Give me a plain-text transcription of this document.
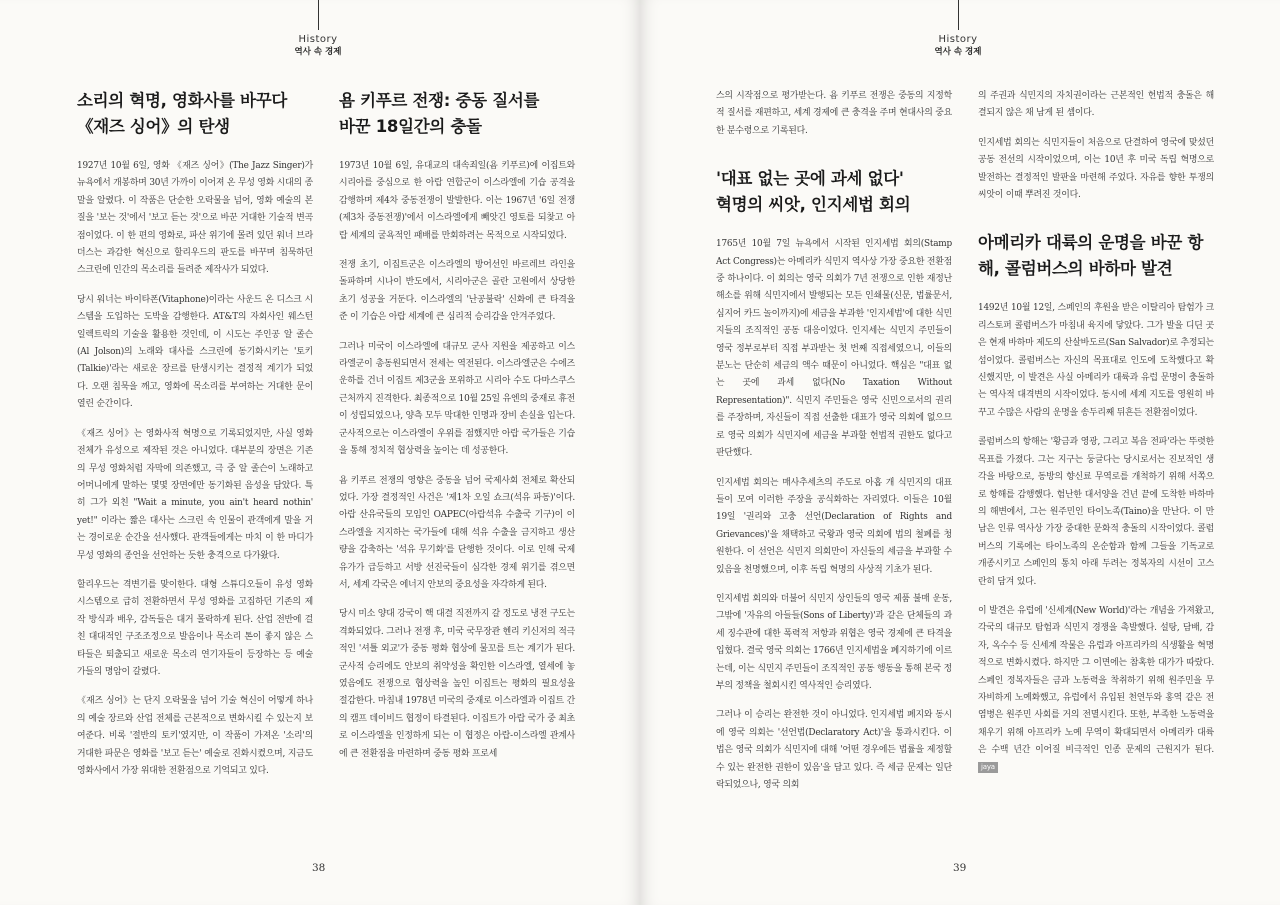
History
역사 속 경제
소리의 혁명, 영화사를 바꾸다
《재즈 싱어》의 탄생

1927년 10월 6일, 영화 《재즈 싱어》(The Jazz Singer)가 뉴욕에서 개봉하며 30년 가까이 이어져 온 무성 영화 시대의 종말을 알렸다. 이 작품은 단순한 오락물을 넘어, 영화 예술의 본질을 '보는 것'에서 '보고 듣는 것'으로 바꾼 거대한 기술적 변곡점이었다. 이 한 편의 영화로, 파산 위기에 몰려 있던 워너 브라더스는 과감한 혁신으로 할리우드의 판도를 바꾸며 침묵하던 스크린에 인간의 목소리를 들려준 제작사가 되었다.

당시 워너는 바이타폰(Vitaphone)이라는 사운드 온 디스크 시스템을 도입하는 도박을 감행한다. AT&T의 자회사인 웨스턴 일렉트릭의 기술을 활용한 것인데, 이 시도는 주인공 알 졸슨(Al Jolson)의 노래와 대사를 스크린에 동기화시키는 '토키(Talkie)'라는 새로운 장르를 탄생시키는 결정적 계기가 되었다. 오랜 침묵을 깨고, 영화에 목소리를 부여하는 거대한 문이 열린 순간이다.

《재즈 싱어》는 영화사적 혁명으로 기록되었지만, 사실 영화 전체가 유성으로 제작된 것은 아니었다. 대부분의 장면은 기존의 무성 영화처럼 자막에 의존했고, 극 중 알 졸슨이 노래하고 어머니에게 말하는 몇몇 장면에만 동기화된 음성을 담았다. 특히 그가 외친 "Wait a minute, you ain't heard nothin' yet!" 이라는 짧은 대사는 스크린 속 인물이 관객에게 말을 거는 경이로운 순간을 선사했다. 관객들에게는 마치 이 한 마디가 무성 영화의 종언을 선언하는 듯한 충격으로 다가왔다.

할리우드는 격변기를 맞이한다. 대형 스튜디오들이 유성 영화 시스템으로 급히 전환하면서 무성 영화를 고집하던 기존의 제작 방식과 배우, 감독들은 대거 몰락하게 된다. 산업 전반에 걸친 대대적인 구조조정으로 발음이나 목소리 톤이 좋지 않은 스타들은 퇴출되고 새로운 목소리 연기자들이 등장하는 등 예술가들의 명암이 갈렸다.

《재즈 싱어》는 단지 오락물을 넘어 기술 혁신이 어떻게 하나의 예술 장르와 산업 전체를 근본적으로 변화시킬 수 있는지 보여준다. 비록 '절반의 토키'였지만, 이 작품이 가져온 '소리'의 거대한 파문은 영화를 '보고 듣는' 예술로 진화시켰으며, 지금도 영화사에서 가장 위대한 전환점으로 기억되고 있다.

욤 키푸르 전쟁: 중동 질서를
바꾼 18일간의 충돌

1973년 10월 6일, 유대교의 대속죄일(욤 키푸르)에 이집트와 시리아를 중심으로 한 아랍 연합군이 이스라엘에 기습 공격을 감행하며 제4차 중동전쟁이 발발한다. 이는 1967년 '6일 전쟁(제3차 중동전쟁)'에서 이스라엘에게 빼앗긴 영토를 되찾고 아랍 세계의 굴욕적인 패배를 만회하려는 목적으로 시작되었다.

전쟁 초기, 이집트군은 이스라엘의 방어선인 바르레브 라인을 돌파하며 시나이 반도에서, 시리아군은 골란 고원에서 상당한 초기 성공을 거둔다. 이스라엘의 '난공불락' 신화에 큰 타격을 준 이 기습은 아랍 세계에 큰 심리적 승리감을 안겨주었다.

그러나 미국이 이스라엘에 대규모 군사 지원을 제공하고 이스라엘군이 총동원되면서 전세는 역전된다. 이스라엘군은 수에즈 운하를 건너 이집트 제3군을 포위하고 시리아 수도 다마스쿠스 근처까지 진격한다. 최종적으로 10월 25일 유엔의 중재로 휴전이 성립되었으나, 양측 모두 막대한 인명과 장비 손실을 입는다. 군사적으로는 이스라엘이 우위를 점했지만 아랍 국가들은 기습을 통해 정치적 협상력을 높이는 데 성공한다.

욤 키푸르 전쟁의 영향은 중동을 넘어 국제사회 전체로 확산되었다. 가장 결정적인 사건은 '제1차 오일 쇼크(석유 파동)'이다. 아랍 산유국들의 모임인 OAPEC(아랍석유 수출국 기구)이 이스라엘을 지지하는 국가들에 대해 석유 수출을 금지하고 생산량을 감축하는 '석유 무기화'를 단행한 것이다. 이로 인해 국제 유가가 급등하고 서방 선진국들이 심각한 경제 위기를 겪으면서, 세계 각국은 에너지 안보의 중요성을 자각하게 된다.

당시 미소 양대 강국이 핵 대결 직전까지 갈 정도로 냉전 구도는 격화되었다. 그러나 전쟁 후, 미국 국무장관 헨리 키신저의 적극적인 '셔틀 외교'가 중동 평화 협상에 물꼬를 트는 계기가 된다. 군사적 승리에도 안보의 취약성을 확인한 이스라엘, 열세에 놓였음에도 전쟁으로 협상력을 높인 이집트는 평화의 필요성을 절감한다. 마침내 1978년 미국의 중재로 이스라엘과 이집트 간의 캠프 데이비드 협정이 타결된다. 이집트가 아랍 국가 중 최초로 이스라엘을 인정하게 되는 이 협정은 아랍-이스라엘 관계사에 큰 전환점을 마련하며 중동 평화 프로세

38
History
역사 속 경제

스의 시작점으로 평가받는다. 욤 키푸르 전쟁은 중동의 지정학적 질서를 재편하고, 세계 경제에 큰 충격을 주며 현대사의 중요한 분수령으로 기록된다.

'대표 없는 곳에 과세 없다'
혁명의 씨앗, 인지세법 회의

1765년 10월 7일 뉴욕에서 시작된 인지세법 회의(Stamp Act Congress)는 아메리카 식민지 역사상 가장 중요한 전환점 중 하나이다. 이 회의는 영국 의회가 7년 전쟁으로 인한 재정난 해소를 위해 식민지에서 발행되는 모든 인쇄물(신문, 법률문서, 심지어 카드 놀이까지)에 세금을 부과한 '인지세법'에 대한 식민지들의 조직적인 공동 대응이었다. 인지세는 식민지 주민들이 영국 정부로부터 직접 부과받는 첫 번째 직접세였으니, 이들의 분노는 단순히 세금의 액수 때문이 아니었다. 핵심은 "대표 없는 곳에 과세 없다(No Taxation Without Representation)". 식민지 주민들은 영국 신민으로서의 권리를 주장하며, 자신들이 직접 선출한 대표가 영국 의회에 없으므로 영국 의회가 식민지에 세금을 부과할 헌법적 권한도 없다고 판단했다.

인지세법 회의는 매사추세츠의 주도로 아홉 개 식민지의 대표들이 모여 이러한 주장을 공식화하는 자리였다. 이들은 10월 19일 '권리와 고충 선언(Declaration of Rights and Grievances)'을 채택하고 국왕과 영국 의회에 법의 철폐를 청원한다. 이 선언은 식민지 의회만이 자신들의 세금을 부과할 수 있음을 천명했으며, 이후 독립 혁명의 사상적 기초가 된다.

인지세법 회의와 더불어 식민지 상인들의 영국 제품 불매 운동, 그밖에 '자유의 아들들(Sons of Liberty)'과 같은 단체들의 과세 징수관에 대한 폭력적 저항과 위협은 영국 경제에 큰 타격을 입혔다. 결국 영국 의회는 1766년 인지세법을 폐지하기에 이르는데, 이는 식민지 주민들이 조직적인 공동 행동을 통해 본국 정부의 정책을 철회시킨 역사적인 승리였다.

그러나 이 승리는 완전한 것이 아니었다. 인지세법 폐지와 동시에 영국 의회는 '선언법(Declaratory Act)'을 통과시킨다. 이 법은 영국 의회가 식민지에 대해 '어떤 경우에든 법률을 제정할 수 있는 완전한 권한이 있음'을 담고 있다. 즉 세금 문제는 일단락되었으나, 영국 의회

의 주권과 식민지의 자치권이라는 근본적인 헌법적 충돌은 해결되지 않은 채 남게 된 셈이다.

인지세법 회의는 식민지들이 처음으로 단결하여 영국에 맞섰던 공동 전선의 시작이었으며, 이는 10년 후 미국 독립 혁명으로 발전하는 결정적인 발판을 마련해 주었다. 자유를 향한 투쟁의 씨앗이 이때 뿌려진 것이다.

아메리카 대륙의 운명을 바꾼 항
해, 콜럼버스의 바하마 발견

1492년 10월 12일, 스페인의 후원을 받은 이탈리아 탐험가 크리스토퍼 콜럼버스가 마침내 육지에 닿았다. 그가 발을 디딘 곳은 현재 바하마 제도의 산살바도르(San Salvador)로 추정되는 섬이었다. 콜럼버스는 자신의 목표대로 인도에 도착했다고 확신했지만, 이 발견은 사실 아메리카 대륙과 유럽 문명이 충돌하는 역사적 대격변의 시작이었다. 동시에 세계 지도를 영원히 바꾸고 수많은 사람의 운명을 송두리째 뒤흔든 전환점이었다.

콜럼버스의 항해는 '황금과 영광, 그리고 복음 전파'라는 뚜렷한 목표를 가졌다. 그는 지구는 둥글다는 당시로서는 진보적인 생각을 바탕으로, 동방의 향신료 무역로를 개척하기 위해 서쪽으로 항해를 감행했다. 험난한 대서양을 건넌 끝에 도착한 바하마의 해변에서, 그는 원주민인 타이노족(Taino)을 만난다. 이 만남은 인류 역사상 가장 중대한 문화적 충돌의 시작이었다. 콜럼버스의 기록에는 타이노족의 온순함과 함께 그들을 기독교로 개종시키고 스페인의 통치 아래 두려는 정복자의 시선이 고스란히 담겨 있다.

이 발견은 유럽에 '신세계(New World)'라는 개념을 가져왔고, 각국의 대규모 탐험과 식민지 경쟁을 촉발했다. 설탕, 담배, 감자, 옥수수 등 신세계 작물은 유럽과 아프리카의 식생활을 혁명적으로 변화시켰다. 하지만 그 이면에는 참혹한 대가가 따랐다. 스페인 정복자들은 금과 노동력을 착취하기 위해 원주민을 무자비하게 노예화했고, 유럽에서 유입된 천연두와 홍역 같은 전염병은 원주민 사회를 거의 전멸시킨다. 또한, 부족한 노동력을 채우기 위해 아프리카 노예 무역이 확대되면서 아메리카 대륙은 수백 년간 이어질 비극적인 인종 문제의 근원지가 된다. jaya

39
